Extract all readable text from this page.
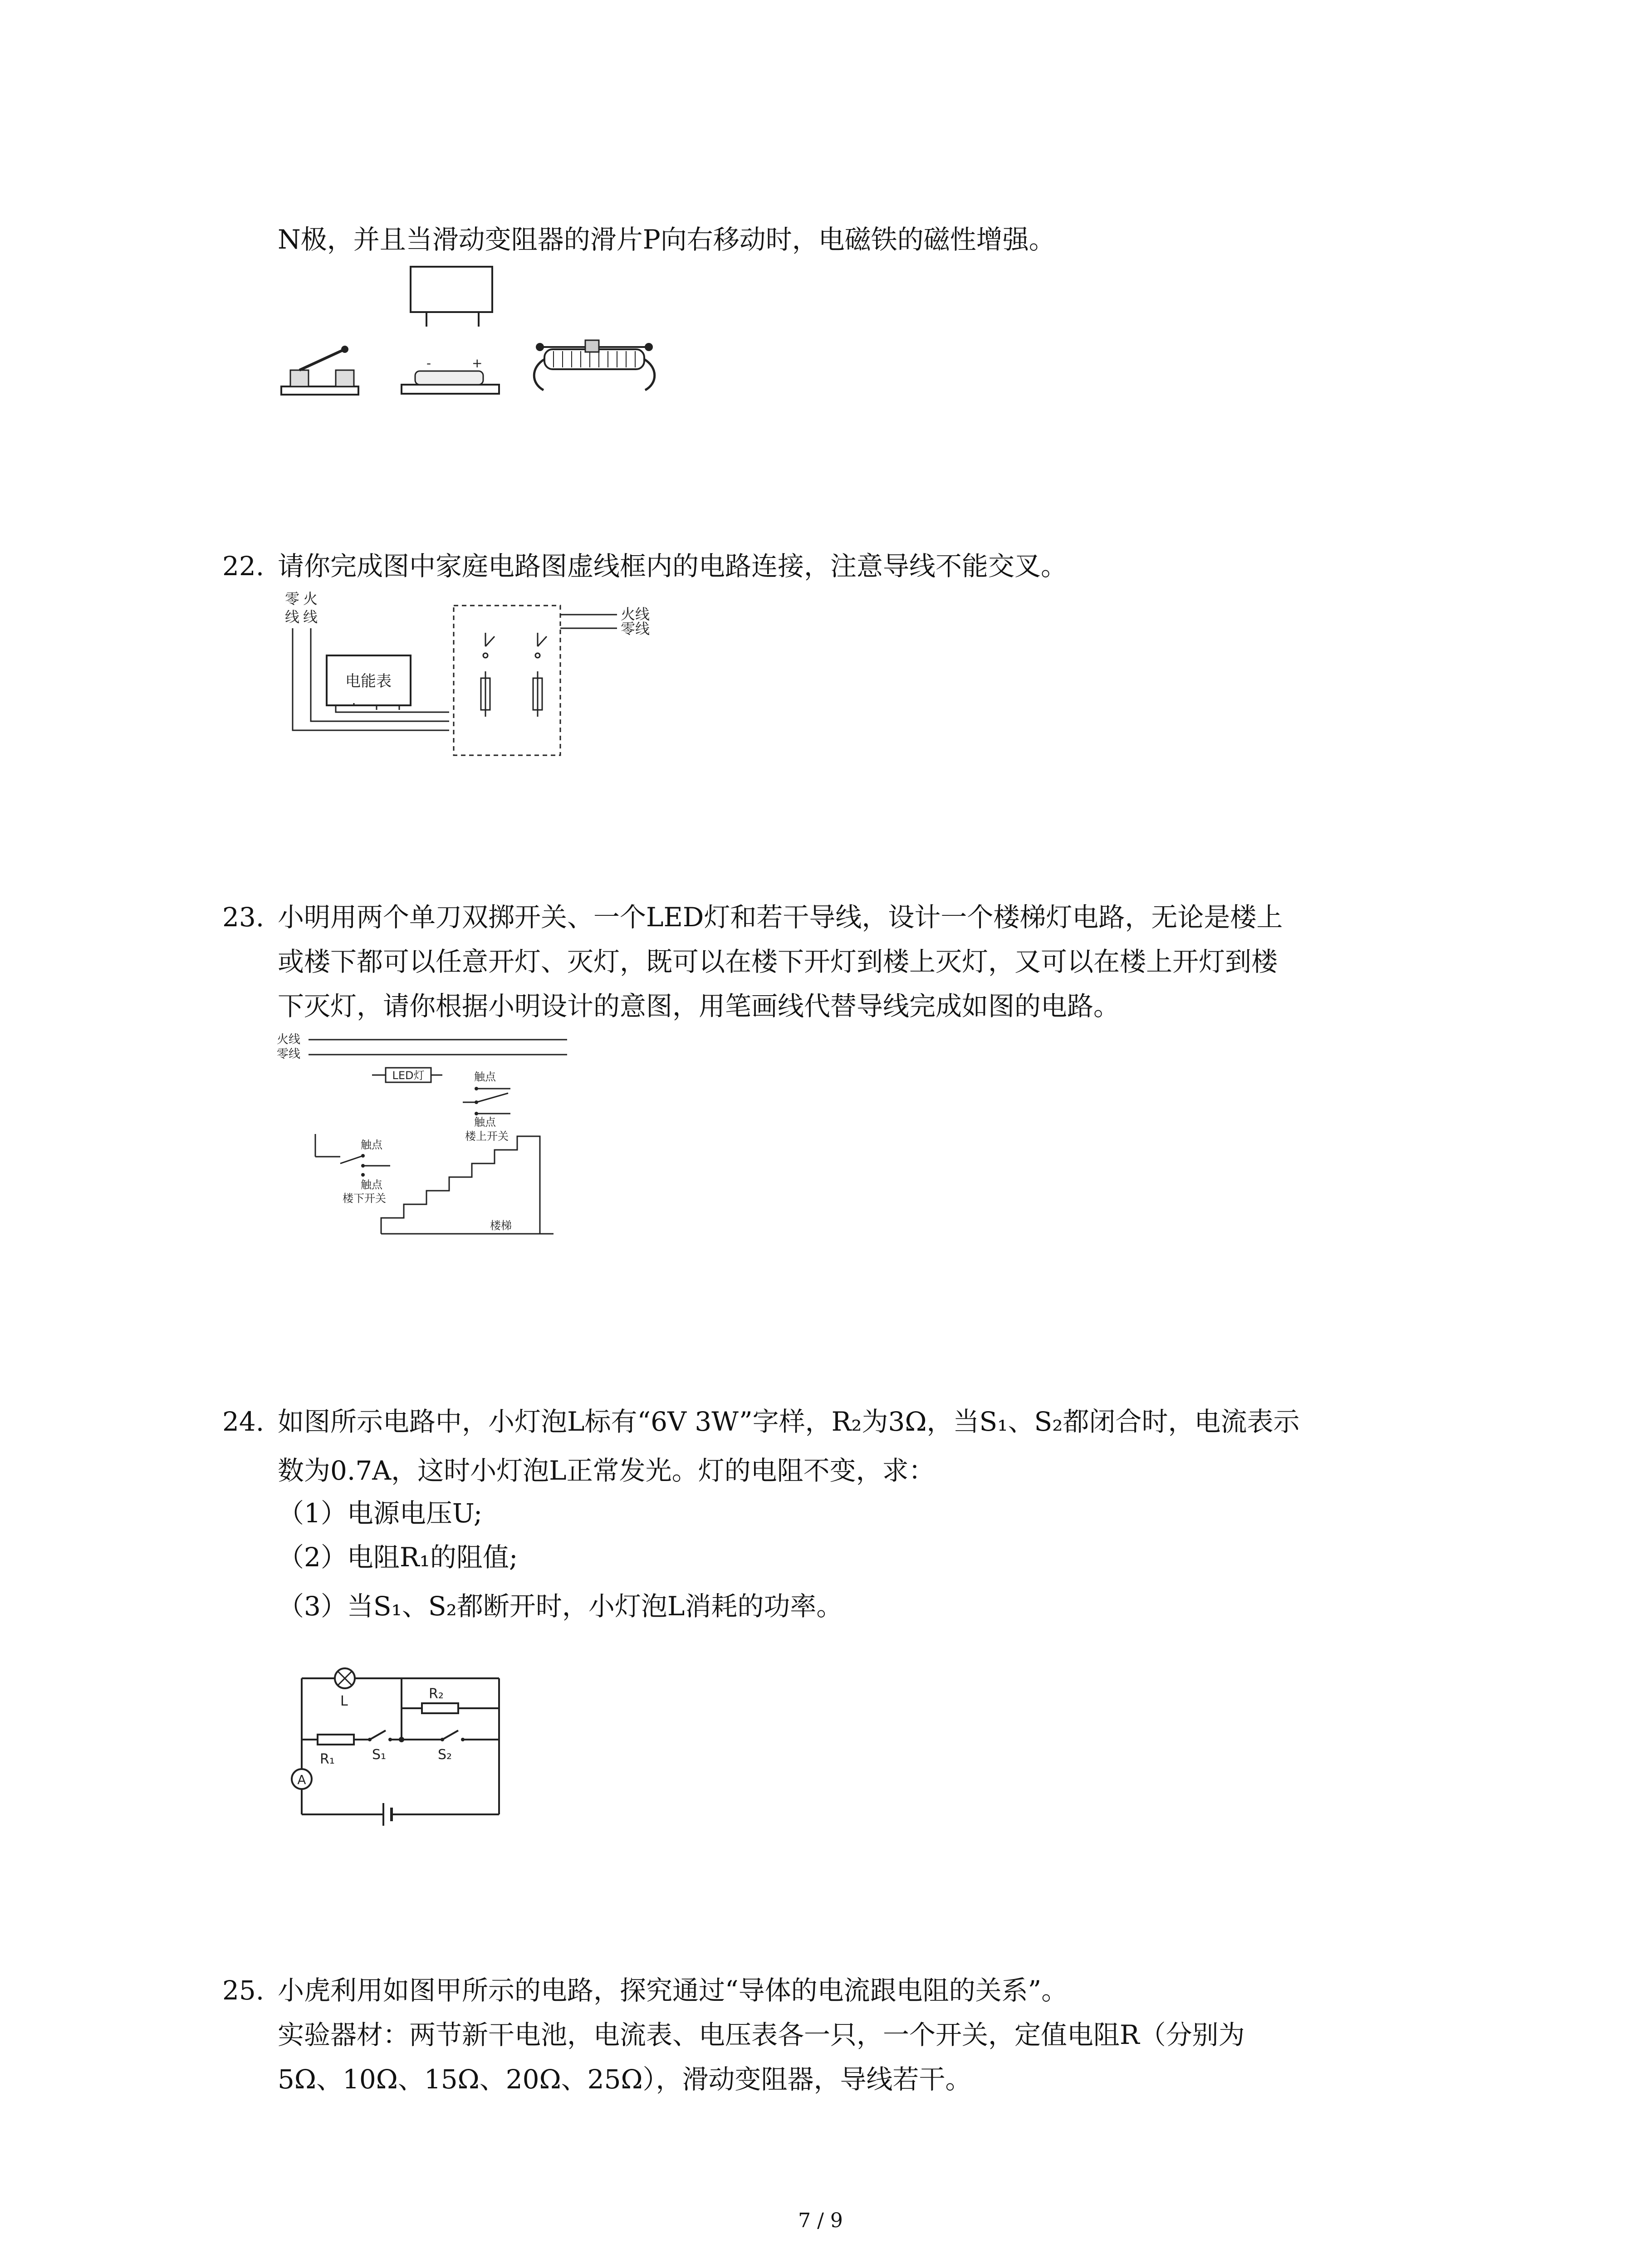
N极，并且当滑动变阻器的滑片P向右移动时，电磁铁的磁性增强。
-	+
22. 请你完成图中家庭电路图虚线框内的电路连接，注意导线不能交叉。
零 火
线 线
电能表
火线
零线
23. 小明用两个单刀双掷开关、一个LED灯和若干导线，设计一个楼梯灯电路，无论是楼上
或楼下都可以任意开灯、灭灯，既可以在楼下开灯到楼上灭灯，又可以在楼上开灯到楼
下灭灯，请你根据小明设计的意图，用笔画线代替导线完成如图的电路。
火线
零线
LED灯	触点
触点
楼上开关
触点
触点
楼下开关
楼梯
24. 如图所示电路中，小灯泡L标有“6V 3W”字样，R₂为3Ω，当S₁、S₂都闭合时，电流表示
数为0.7A，这时小灯泡L正常发光。灯的电阻不变，求：
（1）电源电压U;
（2）电阻R₁的阻值;
（3）当S₁、S₂都断开时，小灯泡L消耗的功率。
L	R₂
R₁	S₁	S₂
A
25. 小虎利用如图甲所示的电路，探究通过“导体的电流跟电阻的关系”。
实验器材：两节新干电池，电流表、电压表各一只，一个开关，定值电阻R（分别为
5Ω、10Ω、15Ω、20Ω、25Ω），滑动变阻器，导线若干。
7 / 9
